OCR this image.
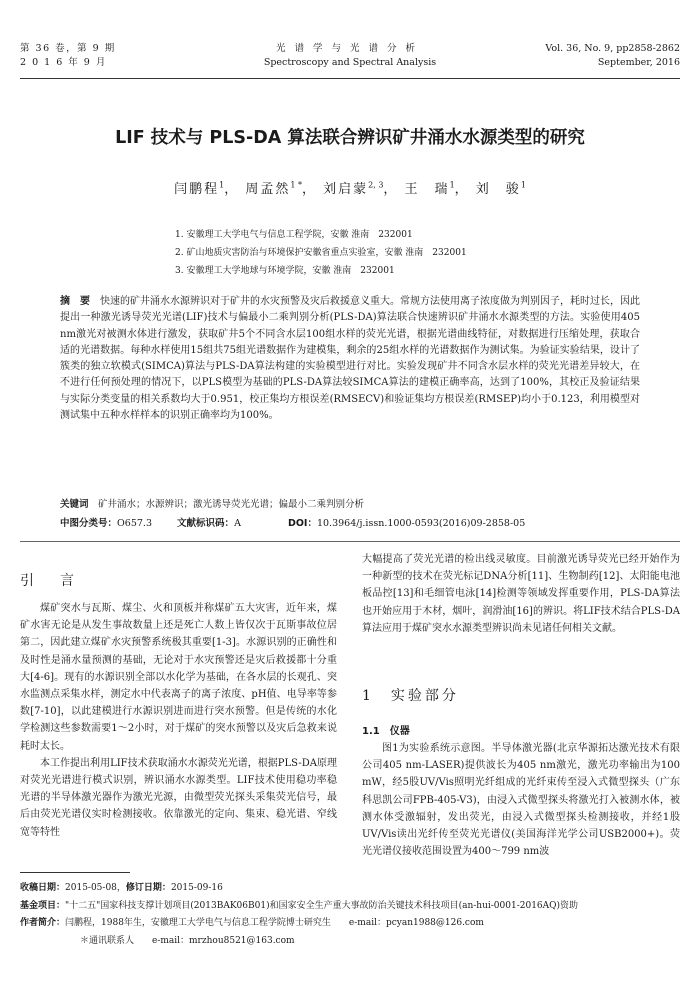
第 36 卷，第 9 期
2 0 1 6 年 9 月
光谱学与光谱分析
Spectroscopy and Spectral Analysis
Vol. 36, No. 9, pp2858-2862
September, 2016
LIF 技术与 PLS-DA 算法联合辨识矿井涌水水源类型的研究
闫鹏程$^1$， 周孟然$^{1 *}$， 刘启蒙$^{2, 3}$， 王　瑞$^1$， 刘　骏$^1$
1. 安徽理工大学电气与信息工程学院，安徽 淮南　232001
2. 矿山地质灾害防治与环境保护安徽省重点实验室，安徽 淮南　232001
3. 安徽理工大学地球与环境学院，安徽 淮南　232001
摘　要 快速的矿井涌水水源辨识对于矿井的水灾预警及灾后救援意义重大。常规方法使用离子浓度做为判别因子，耗时过长，因此提出一种激光诱导荧光光谱(LIF)技术与偏最小二乘判别分析(PLS-DA)算法联合快速辨识矿井涌水水源类型的方法。实验使用405 nm激光对被测水体进行激发，获取矿井5个不同含水层100组水样的荧光光谱，根据光谱曲线特征，对数据进行压缩处理，获取合适的光谱数据。每种水样使用15组共75组光谱数据作为建模集，剩余的25组水样的光谱数据作为测试集。为验证实验结果，设计了簇类的独立软模式(SIMCA)算法与PLS-DA算法构建的实验模型进行对比。实验发现矿井不同含水层水样的荧光光谱差异较大，在不进行任何预处理的情况下，以PLS模型为基础的PLS-DA算法较SIMCA算法的建模正确率高，达到了100%，其校正及验证结果与实际分类变量的相关系数均大于0.951，校正集均方根误差(RMSECV)和验证集均方根误差(RMSEP)均小于0.123，利用模型对测试集中五种水样样本的识别正确率均为100%。
关键词　 矿井涌水；水源辨识；激光诱导荧光光谱；偏最小二乘判别分析
中图分类号：O657.3	文献标识码：A	DOI：10.3964/j.issn.1000-0593(2016)09-2858-05
引　言

煤矿突水与瓦斯、煤尘、火和顶板并称煤矿五大灾害，近年来，煤矿水害无论是从发生事故数量上还是死亡人数上皆仅次于瓦斯事故位居第二，因此建立煤矿水灾预警系统极其重要[1-3]。水源识别的正确性和及时性是涌水量预测的基础，无论对于水灾预警还是灾后救援都十分重大[4-6]。现有的水源识别全部以水化学为基础，在各水层的长观孔、突水监测点采集水样，测定水中代表离子的离子浓度、pH值、电导率等参数[7-10]，以此建模进行水源识别进而进行突水预警。但是传统的水化学检测这些参数需要1～2小时，对于煤矿的突水预警以及灾后急救来说耗时太长。

本工作提出利用LIF技术获取涌水水源荧光光谱，根据PLS-DA原理对荧光光谱进行模式识别，辨识涌水水源类型。LIF技术使用稳功率稳光谱的半导体激光器作为激光光源，由微型荧光探头采集荧光信号，最后由荧光光谱仪实时检测接收。依靠激光的定向、集束、稳光谱、窄线宽等特性

大幅提高了荧光光谱的检出线灵敏度。目前激光诱导荧光已经开始作为一种新型的技术在荧光标记DNA分析[11]、生物制药[12]、太阳能电池板品控[13]和毛细管电泳[14]检测等领域发挥重要作用，PLS-DA算法也开始应用于木材，烟叶，润滑油[16]的辨识。将LIF技术结合PLS-DA算法应用于煤矿突水水源类型辨识尚未见诸任何相关文献。

1　实验部分
1.1　仪器

图1为实验系统示意图。半导体激光器(北京华源拓达激光技术有限公司405 nm-LASER)提供波长为405 nm激光，激光功率输出为100 mW，经5股UV/Vis照明光纤组成的光纤束传至浸入式微型探头（广东科思凯公司FPB-405-V3)，由浸入式微型探头将激光打入被测水体，被测水体受激辐射，发出荧光，由浸入式微型探头检测接收，并经1股UV/Vis读出光纤传至荧光光谱仪(美国海洋光学公司USB2000+)。荧光光谱仪接收范围设置为400～799 nm波

收稿日期：2015-05-08，修订日期：2015-09-16
基金项目："十二五"国家科技支撑计划项目(2013BAK06B01)和国家安全生产重大事故防治关键技术科技项目(an-hui-0001-2016AQ)资助
作者简介：闫鹏程，1988年生，安徽理工大学电气与信息工程学院博士研究生　　e-mail：pcyan1988@126.com
＊通讯联系人　　e-mail：mrzhou8521@163.com
